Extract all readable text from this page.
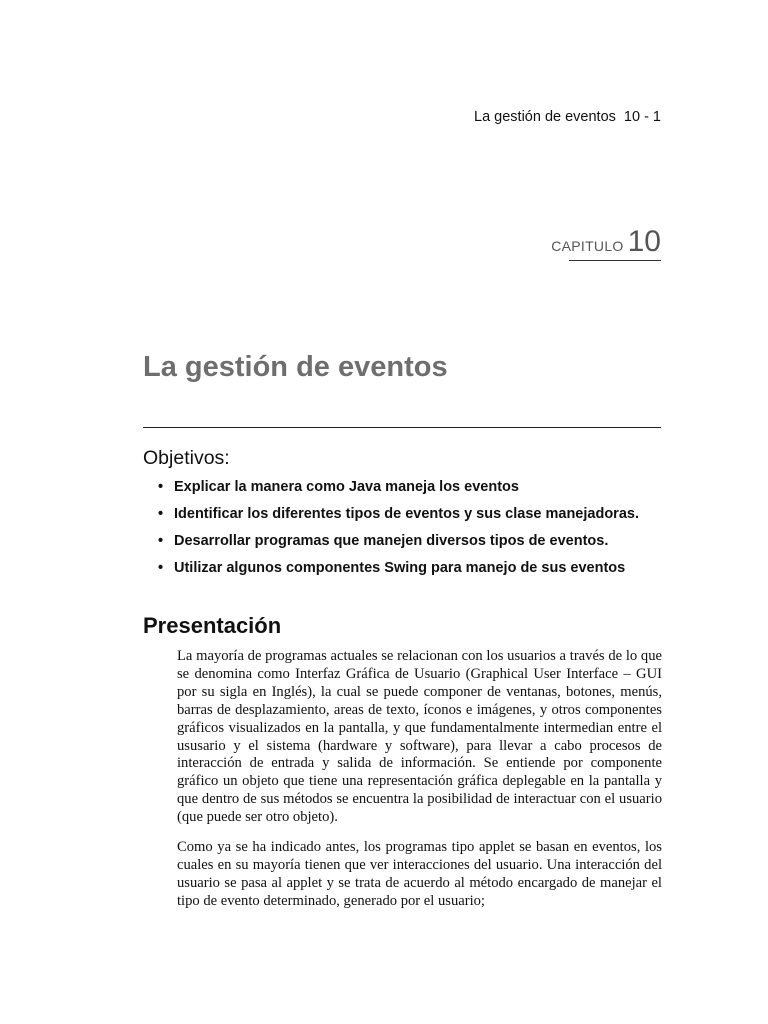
La gestión de eventos 10 - 1
CAPITULO 10
La gestión de eventos
Objetivos:
• Explicar la manera como Java maneja los eventos
• Identificar los diferentes tipos de eventos y sus clase manejadoras.
• Desarrollar programas que manejen diversos tipos de eventos.
• Utilizar algunos componentes Swing para manejo de sus eventos
Presentación

La mayoría de programas actuales se relacionan con los usuarios a través de lo que se denomina como Interfaz Gráfica de Usuario (Graphical User Interface – GUI por su sigla en Inglés), la cual se puede componer de ventanas, botones, menús, barras de desplazamiento, areas de texto, íconos e imágenes, y otros componentes gráficos visualizados en la pantalla, y que fundamentalmente intermedian entre el ususario y el sistema (hardware y software), para llevar a cabo procesos de interacción de entrada y salida de información. Se entiende por componente gráfico un objeto que tiene una representación gráfica deplegable en la pantalla y que dentro de sus métodos se encuentra la posibilidad de interactuar con el usuario (que puede ser otro objeto).

Como ya se ha indicado antes, los programas tipo applet se basan en eventos, los cuales en su mayoría tienen que ver interacciones del usuario. Una interacción del usuario se pasa al applet y se trata de acuerdo al método encargado de manejar el tipo de evento determinado, generado por el usuario;
